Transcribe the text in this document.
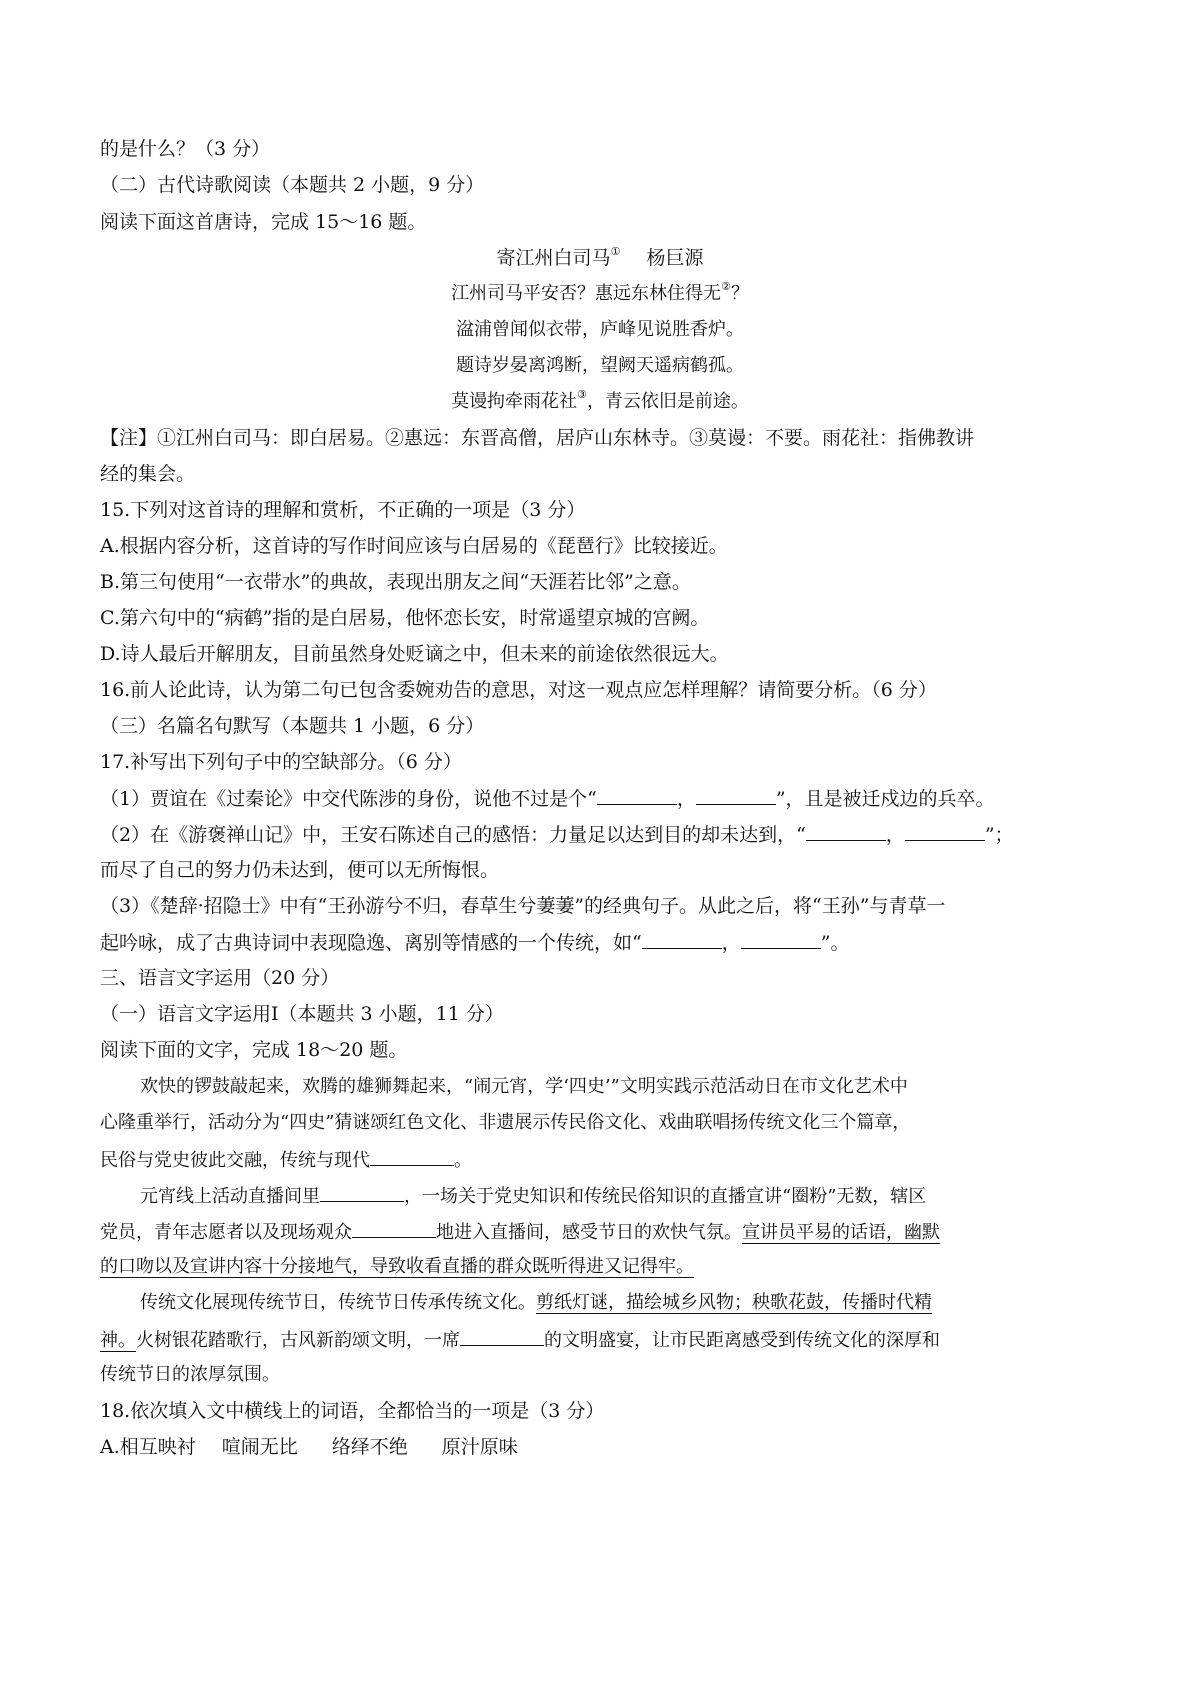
的是什么？（3 分）
（二）古代诗歌阅读（本题共 2 小题，9 分）
阅读下面这首唐诗，完成 15～16 题。
寄江州白司马① 杨巨源
江州司马平安否？惠远东林住得无②？
湓浦曾闻似衣带，庐峰见说胜香炉。
题诗岁晏离鸿断，望阙天遥病鹤孤。
莫谩拘牵雨花社③，青云依旧是前途。
【注】①江州白司马：即白居易。②惠远：东晋高僧，居庐山东林寺。③莫谩：不要。雨花社：指佛教讲
经的集会。
15.下列对这首诗的理解和赏析，不正确的一项是（3 分）
A.根据内容分析，这首诗的写作时间应该与白居易的《琵琶行》比较接近。
B.第三句使用“一衣带水”的典故，表现出朋友之间“天涯若比邻”之意。
C.第六句中的“病鹤”指的是白居易，他怀恋长安，时常遥望京城的宫阙。
D.诗人最后开解朋友，目前虽然身处贬谪之中，但未来的前途依然很远大。
16.前人论此诗，认为第二句已包含委婉劝告的意思，对这一观点应怎样理解？请简要分析。（6 分）
（三）名篇名句默写（本题共 1 小题，6 分）
17.补写出下列句子中的空缺部分。（6 分）
（1）贾谊在《过秦论》中交代陈涉的身份，说他不过是个“	，	”，且是被迁戍边的兵卒。
（2）在《游褒禅山记》中，王安石陈述自己的感悟：力量足以达到目的却未达到，“	，	”；
而尽了自己的努力仍未达到，便可以无所悔恨。
（3）《楚辞·招隐士》中有“王孙游兮不归，春草生兮萋萋”的经典句子。从此之后，将“王孙”与青草一
起吟咏，成了古典诗词中表现隐逸、离别等情感的一个传统，如“	，	”。
三、语言文字运用（20 分）
（一）语言文字运用Ⅰ（本题共 3 小题，11 分）
阅读下面的文字，完成 18～20 题。
欢快的锣鼓敲起来，欢腾的雄狮舞起来，“闹元宵，学‘四史’”文明实践示范活动日在市文化艺术中
心隆重举行，活动分为“四史”猜谜颂红色文化、非遗展示传民俗文化、戏曲联唱扬传统文化三个篇章，
民俗与党史彼此交融，传统与现代	。
元宵线上活动直播间里	，一场关于党史知识和传统民俗知识的直播宣讲“圈粉”无数，辖区
党员，青年志愿者以及现场观众	地进入直播间，感受节日的欢快气氛。宣讲员平易的话语，幽默
的口吻以及宣讲内容十分接地气，导致收看直播的群众既听得进又记得牢。
传统文化展现传统节日，传统节日传承传统文化。剪纸灯谜，描绘城乡风物；秧歌花鼓，传播时代精
神。火树银花踏歌行，古风新韵颂文明，一席	的文明盛宴，让市民距离感受到传统文化的深厚和
传统节日的浓厚氛围。
18.依次填入文中横线上的词语，全都恰当的一项是（3 分）
A.相互映衬 喧闹无比 络绎不绝 原汁原味
